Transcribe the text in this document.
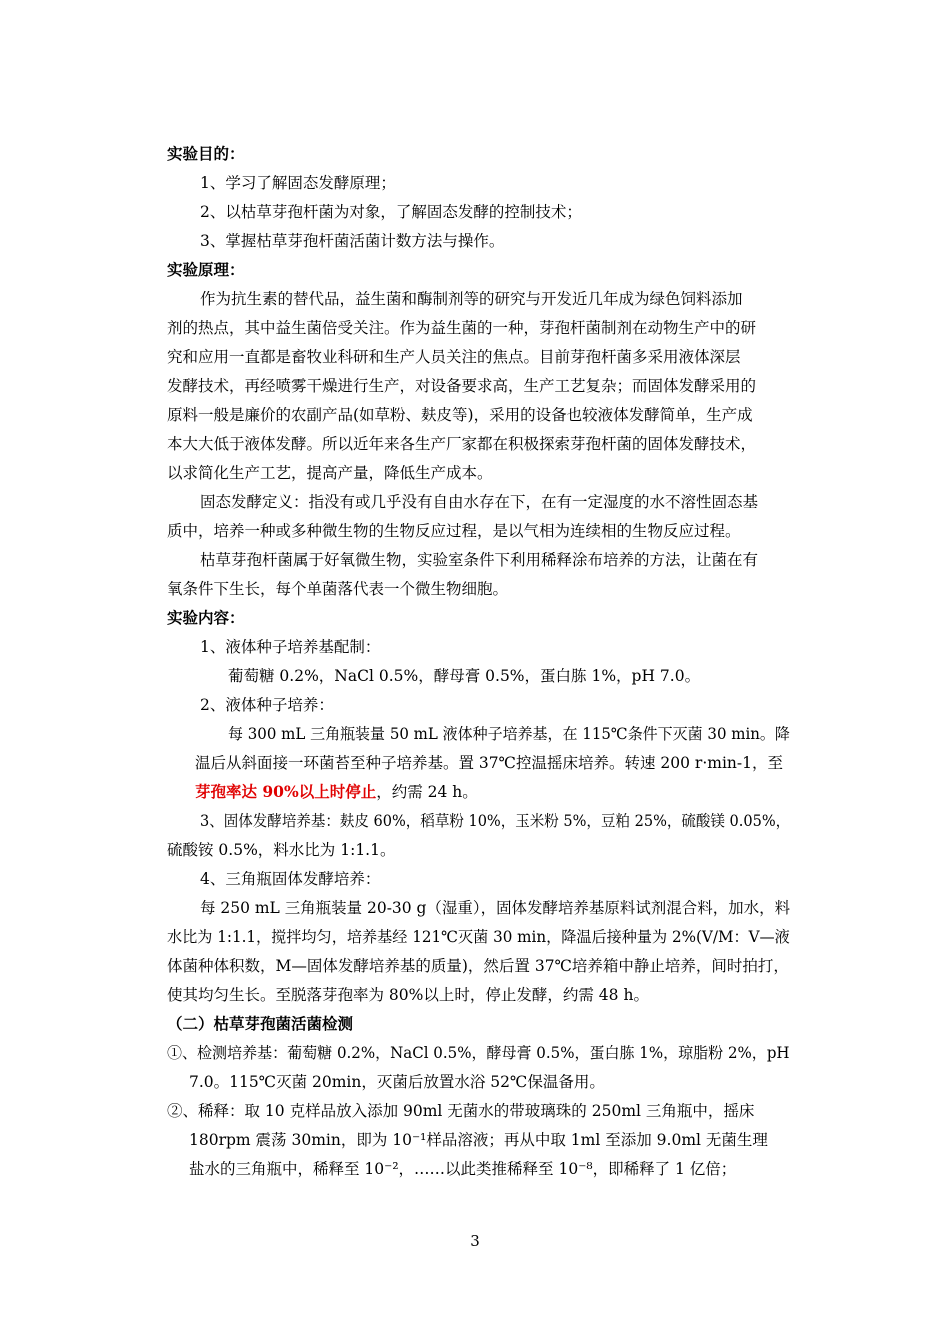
实验目的：
1、学习了解固态发酵原理；
2、以枯草芽孢杆菌为对象，了解固态发酵的控制技术；
3、掌握枯草芽孢杆菌活菌计数方法与操作。
实验原理：
作为抗生素的替代品，益生菌和酶制剂等的研究与开发近几年成为绿色饲料添加
剂的热点，其中益生菌倍受关注。作为益生菌的一种，芽孢杆菌制剂在动物生产中的研
究和应用一直都是畜牧业科研和生产人员关注的焦点。目前芽孢杆菌多采用液体深层
发酵技术，再经喷雾干燥进行生产，对设备要求高，生产工艺复杂；而固体发酵采用的
原料一般是廉价的农副产品(如草粉、麸皮等)，采用的设备也较液体发酵简单，生产成
本大大低于液体发酵。所以近年来各生产厂家都在积极探索芽孢杆菌的固体发酵技术，
以求简化生产工艺，提高产量，降低生产成本。
固态发酵定义：指没有或几乎没有自由水存在下，在有一定湿度的水不溶性固态基
质中，培养一种或多种微生物的生物反应过程，是以气相为连续相的生物反应过程。
枯草芽孢杆菌属于好氧微生物，实验室条件下利用稀释涂布培养的方法，让菌在有
氧条件下生长，每个单菌落代表一个微生物细胞。
实验内容：
1、液体种子培养基配制：
葡萄糖 0.2%，NaCl 0.5%，酵母膏 0.5%，蛋白胨 1%，pH 7.0。
2、液体种子培养：
每 300 mL 三角瓶装量 50 mL 液体种子培养基，在 115℃条件下灭菌 30 min。降
温后从斜面接一环菌苔至种子培养基。置 37℃控温摇床培养。转速 200 r·min-1，至
芽孢率达 90%以上时停止，约需 24 h。
3、固体发酵培养基：麸皮 60%，稻草粉 10%，玉米粉 5%，豆粕 25%，硫酸镁 0.05%，
硫酸铵 0.5%，料水比为 1:1.1。
4、三角瓶固体发酵培养：
每 250 mL 三角瓶装量 20-30 g（湿重），固体发酵培养基原料试剂混合料，加水，料
水比为 1:1.1，搅拌均匀，培养基经 121℃灭菌 30 min，降温后接种量为 2%(V/M：V—液
体菌种体积数，M—固体发酵培养基的质量)，然后置 37℃培养箱中静止培养，间时拍打，
使其均匀生长。至脱落芽孢率为 80%以上时，停止发酵，约需 48 h。
（二）枯草芽孢菌活菌检测
①、检测培养基：葡萄糖 0.2%，NaCl 0.5%，酵母膏 0.5%，蛋白胨 1%，琼脂粉 2%，pH
7.0。115℃灭菌 20min，灭菌后放置水浴 52℃保温备用。
②、稀释：取 10 克样品放入添加 90ml 无菌水的带玻璃珠的 250ml 三角瓶中，摇床
180rpm 震荡 30min，即为 10⁻¹样品溶液；再从中取 1ml 至添加 9.0ml 无菌生理
盐水的三角瓶中，稀释至 10⁻²，……以此类推稀释至 10⁻⁸，即稀释了 1 亿倍；
3
